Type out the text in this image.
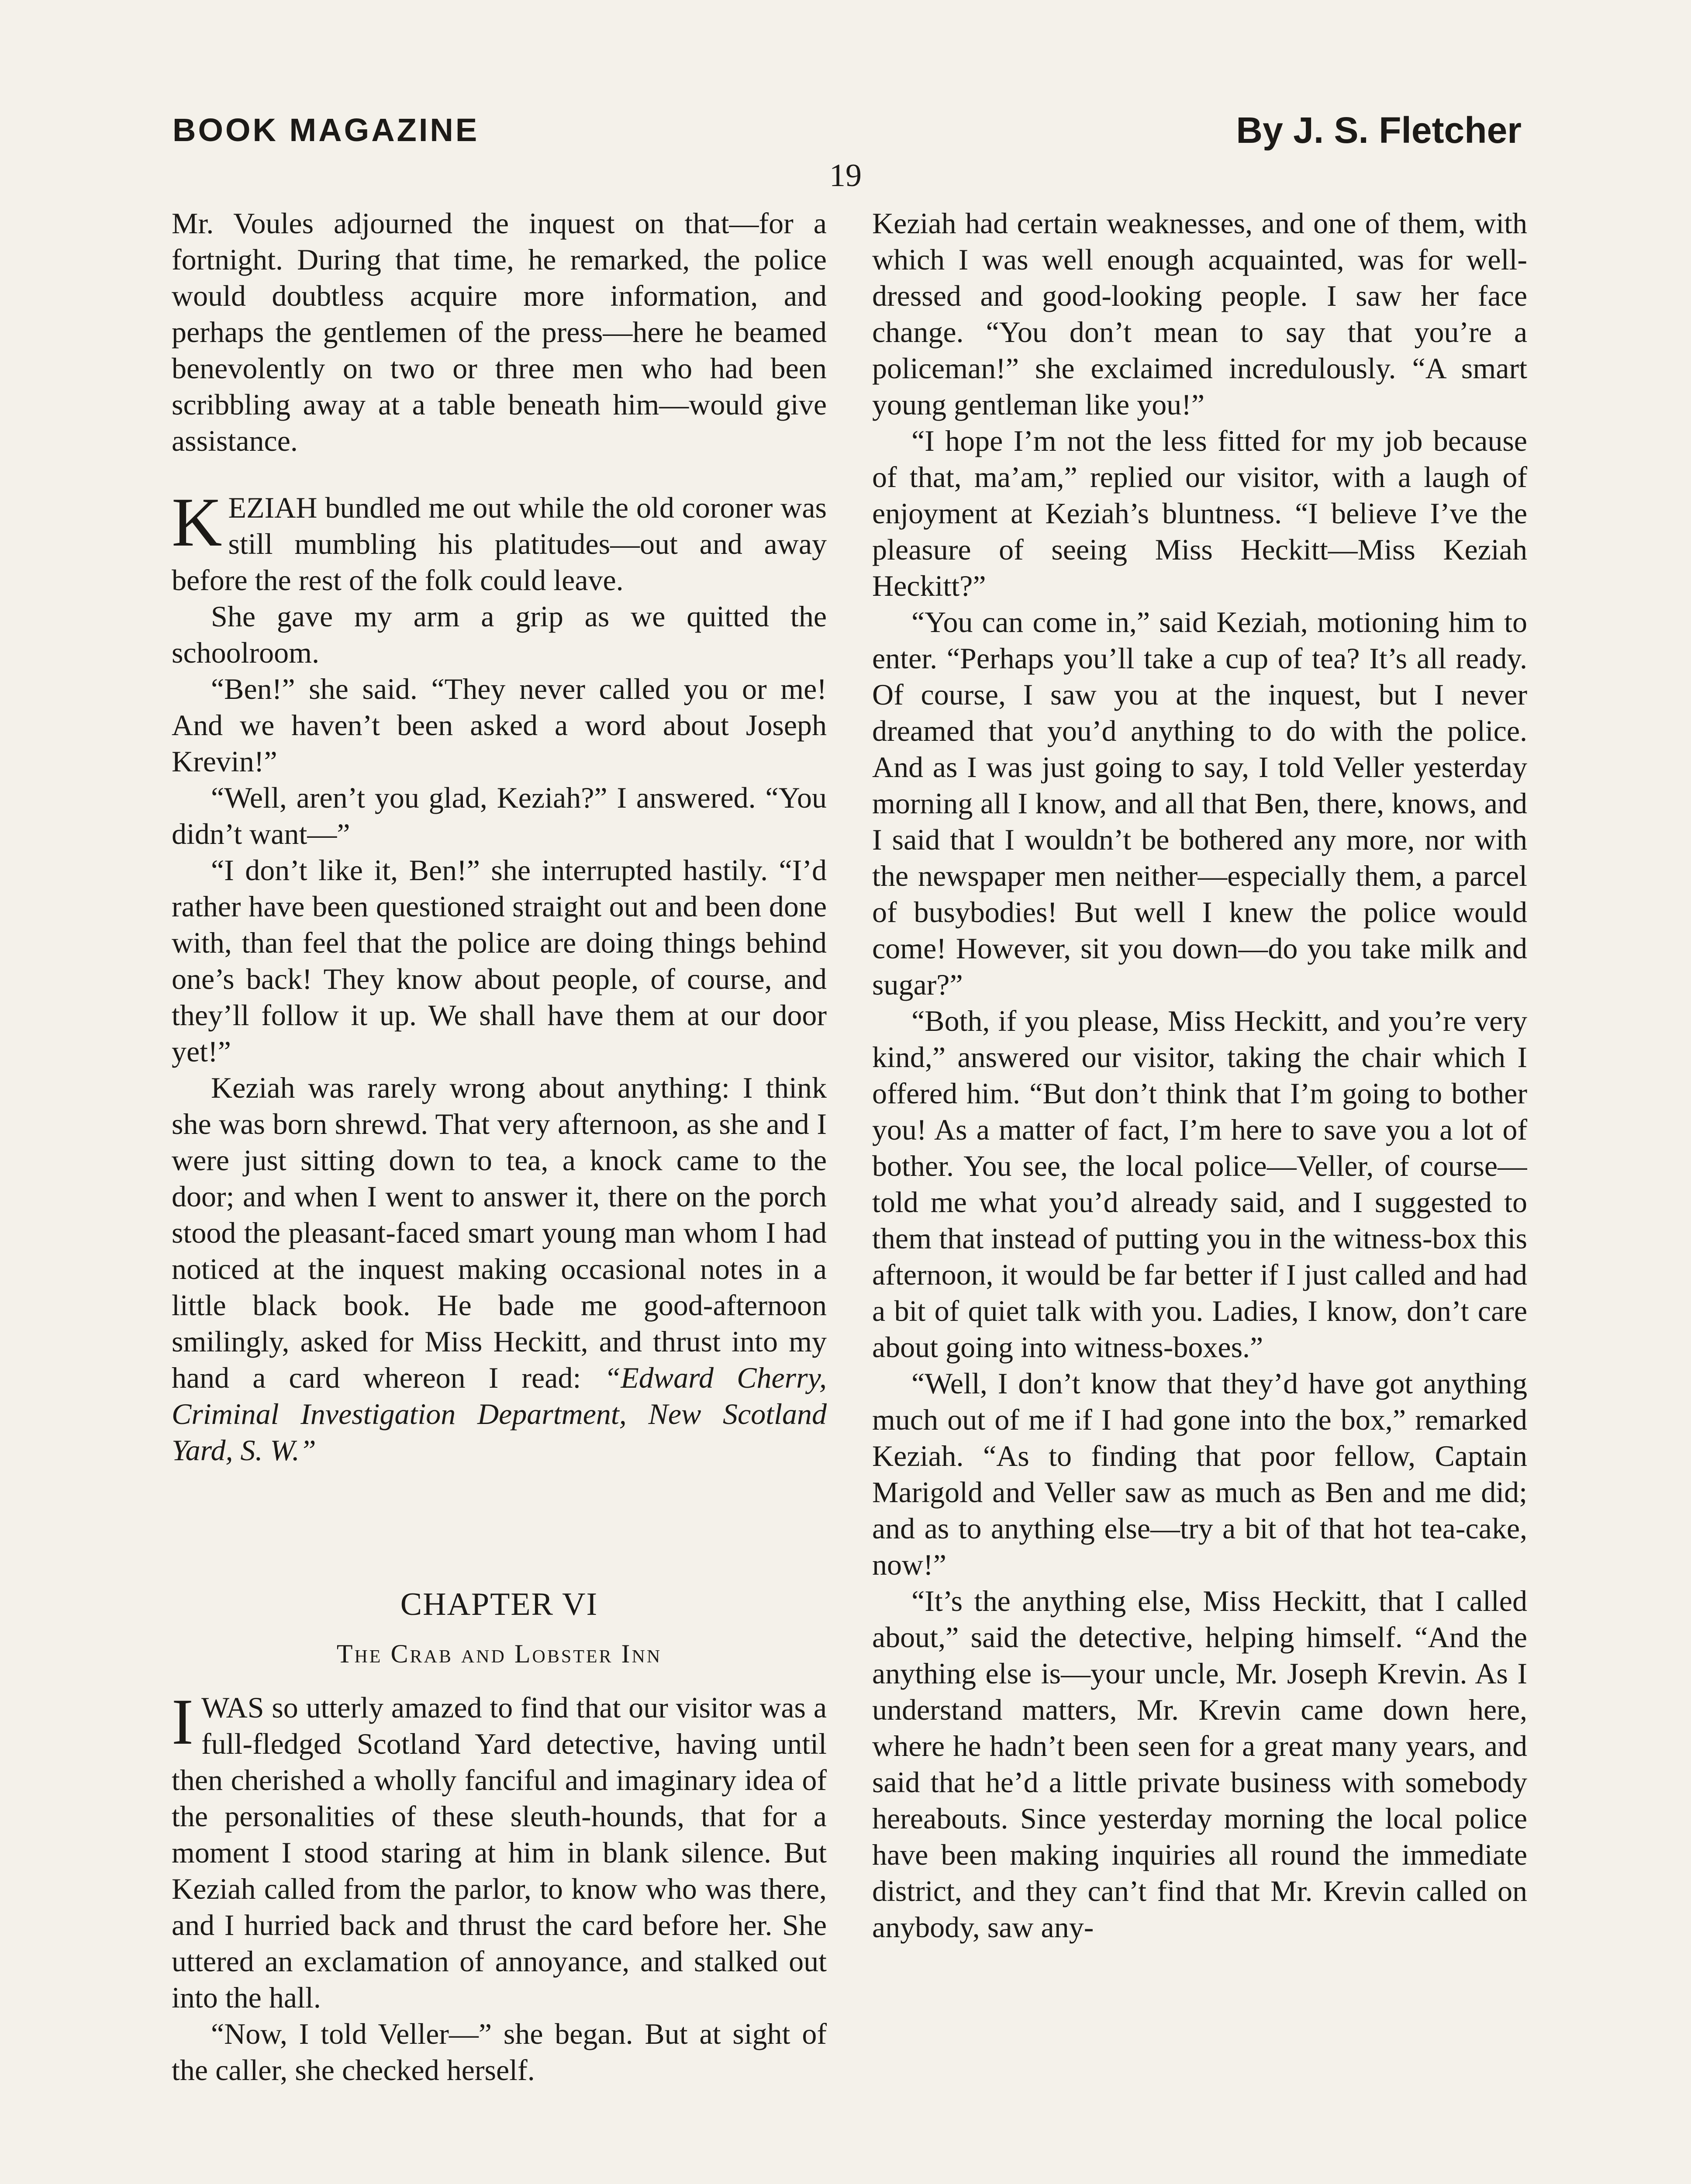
BOOK MAGAZINE	By J. S. Fletcher
19

Mr. Voules adjourned the inquest on that—for a fortnight. During that time, he remarked, the police would doubtless acquire more information, and perhaps the gentlemen of the press—here he beamed benevolently on two or three men who had been scribbling away at a table beneath him—would give assistance.

KEZIAH bundled me out while the old coroner was still mumbling his platitudes—out and away before the rest of the folk could leave.

She gave my arm a grip as we quitted the schoolroom.

“Ben!” she said. “They never called you or me! And we haven’t been asked a word about Joseph Krevin!”

“Well, aren’t you glad, Keziah?” I answered. “You didn’t want—”

“I don’t like it, Ben!” she interrupted hastily. “I’d rather have been questioned straight out and been done with, than feel that the police are doing things behind one’s back! They know about people, of course, and they’ll follow it up. We shall have them at our door yet!”

Keziah was rarely wrong about anything: I think she was born shrewd. That very afternoon, as she and I were just sitting down to tea, a knock came to the door; and when I went to answer it, there on the porch stood the pleasant-faced smart young man whom I had noticed at the inquest making occasional notes in a little black book. He bade me good-afternoon smilingly, asked for Miss Heckitt, and thrust into my hand a card whereon I read: “Edward Cherry, Criminal Investigation Department, New Scotland Yard, S. W.”

CHAPTER VI
The Crab and Lobster Inn

IWAS so utterly amazed to find that our visitor was a full-fledged Scotland Yard detective, having until then cherished a wholly fanciful and imaginary idea of the personalities of these sleuth-hounds, that for a moment I stood staring at him in blank silence. But Keziah called from the parlor, to know who was there, and I hurried back and thrust the card before her. She uttered an exclamation of annoyance, and stalked out into the hall.

“Now, I told Veller—” she began. But at sight of the caller, she checked herself.

Keziah had certain weaknesses, and one of them, with which I was well enough acquainted, was for well-dressed and good-looking people. I saw her face change. “You don’t mean to say that you’re a policeman!” she exclaimed incredulously. “A smart young gentleman like you!”

“I hope I’m not the less fitted for my job because of that, ma’am,” replied our visitor, with a laugh of enjoyment at Keziah’s bluntness. “I believe I’ve the pleasure of seeing Miss Heckitt—Miss Keziah Heckitt?”

“You can come in,” said Keziah, motioning him to enter. “Perhaps you’ll take a cup of tea? It’s all ready. Of course, I saw you at the inquest, but I never dreamed that you’d anything to do with the police. And as I was just going to say, I told Veller yesterday morning all I know, and all that Ben, there, knows, and I said that I wouldn’t be bothered any more, nor with the newspaper men neither—especially them, a parcel of busybodies! But well I knew the police would come! However, sit you down—do you take milk and sugar?”

“Both, if you please, Miss Heckitt, and you’re very kind,” answered our visitor, taking the chair which I offered him. “But don’t think that I’m going to bother you! As a matter of fact, I’m here to save you a lot of bother. You see, the local police—Veller, of course—told me what you’d already said, and I suggested to them that instead of putting you in the witness-box this afternoon, it would be far better if I just called and had a bit of quiet talk with you. Ladies, I know, don’t care about going into witness-boxes.”

“Well, I don’t know that they’d have got anything much out of me if I had gone into the box,” remarked Keziah. “As to finding that poor fellow, Captain Marigold and Veller saw as much as Ben and me did; and as to anything else—try a bit of that hot tea-cake, now!”

“It’s the anything else, Miss Heckitt, that I called about,” said the detective, helping himself. “And the anything else is—your uncle, Mr. Joseph Krevin. As I understand matters, Mr. Krevin came down here, where he hadn’t been seen for a great many years, and said that he’d a little private business with somebody hereabouts. Since yesterday morning the local police have been making inquiries all round the immediate district, and they can’t find that Mr. Krevin called on anybody, saw any-
